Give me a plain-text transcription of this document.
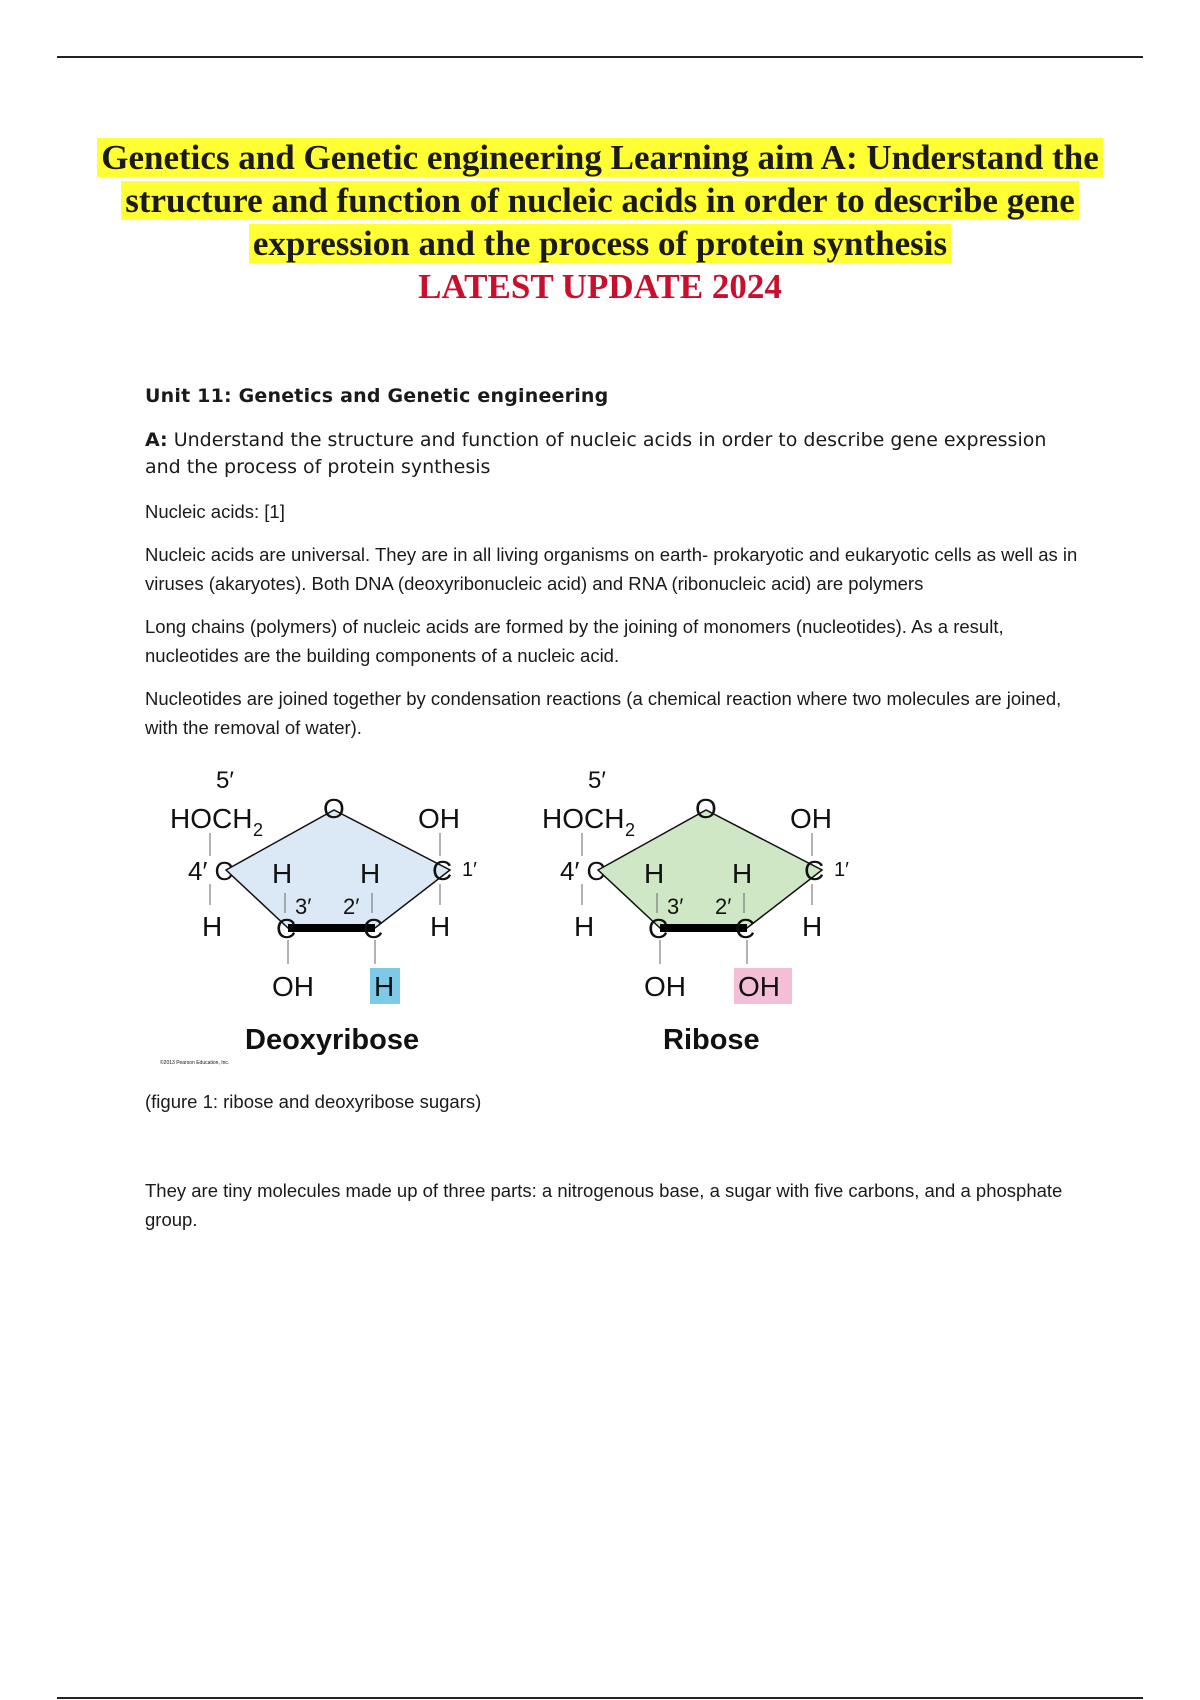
Genetics and Genetic engineering Learning aim A: Understand the structure and function of nucleic acids in order to describe gene expression and the process of protein synthesis
LATEST UPDATE 2024
Unit 11: Genetics and Genetic engineering
A: Understand the structure and function of nucleic acids in order to describe gene expression and the process of protein synthesis

Nucleic acids: [1]

Nucleic acids are universal. They are in all living organisms on earth- prokaryotic and eukaryotic cells as well as in viruses (akaryotes). Both DNA (deoxyribonucleic acid) and RNA (ribonucleic acid) are polymers

Long chains (polymers) of nucleic acids are formed by the joining of monomers (nucleotides). As a result, nucleotides are the building components of a nucleic acid.

Nucleotides are joined together by condensation reactions (a chemical reaction where two molecules are joined, with the removal of water).

5′
HOCH 2
O	OH
4′ C H H C 1′
3′ 2′
H C C H
OH H
Deoxyribose
©2013 Pearson Education, Inc.
5′
HOCH 2
O	OH
4′ C H H C 1′
3′ 2′
H C C H
OH OH
Ribose

(figure 1: ribose and deoxyribose sugars)

They are tiny molecules made up of three parts: a nitrogenous base, a sugar with five carbons, and a phosphate group.
